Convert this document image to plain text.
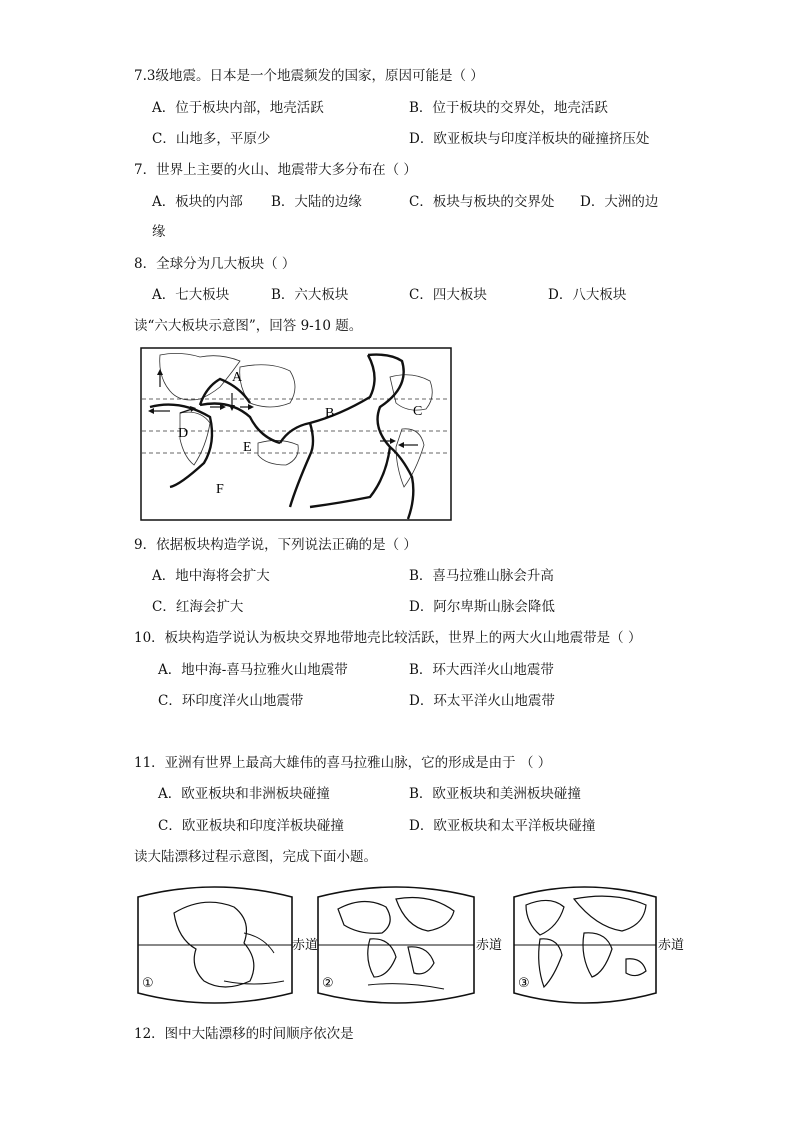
7.3级地震。日本是一个地震频发的国家，原因可能是（ ）
A．位于板块内部，地壳活跃	B．位于板块的交界处，地壳活跃
C．山地多，平原少	D．欧亚板块与印度洋板块的碰撞挤压处
7．世界上主要的火山、地震带大多分布在（ ）
A．板块的内部 B．大陆的边缘	C．板块与板块的交界处 D．大洲的边
缘
8．全球分为几大板块（ ）
A．七大板块	B．六大板块	C．四大板块	D．八大板块
读“六大板块示意图”，回答 9-10 题。
A
B	C
D
E
F
9．依据板块构造学说，下列说法正确的是（ ）
A．地中海将会扩大	B．喜马拉雅山脉会升高
C．红海会扩大	D．阿尔卑斯山脉会降低
10．板块构造学说认为板块交界地带地壳比较活跃，世界上的两大火山地震带是（ ）
A．地中海-喜马拉雅火山地震带	B．环大西洋火山地震带
C．环印度洋火山地震带	D．环太平洋火山地震带
11．亚洲有世界上最高大雄伟的喜马拉雅山脉，它的形成是由于 （ ）
A．欧亚板块和非洲板块碰撞	B．欧亚板块和美洲板块碰撞
C．欧亚板块和印度洋板块碰撞	D．欧亚板块和太平洋板块碰撞
读大陆漂移过程示意图，完成下面小题。
①
赤道
②
赤道
③
赤道
12．图中大陆漂移的时间顺序依次是
